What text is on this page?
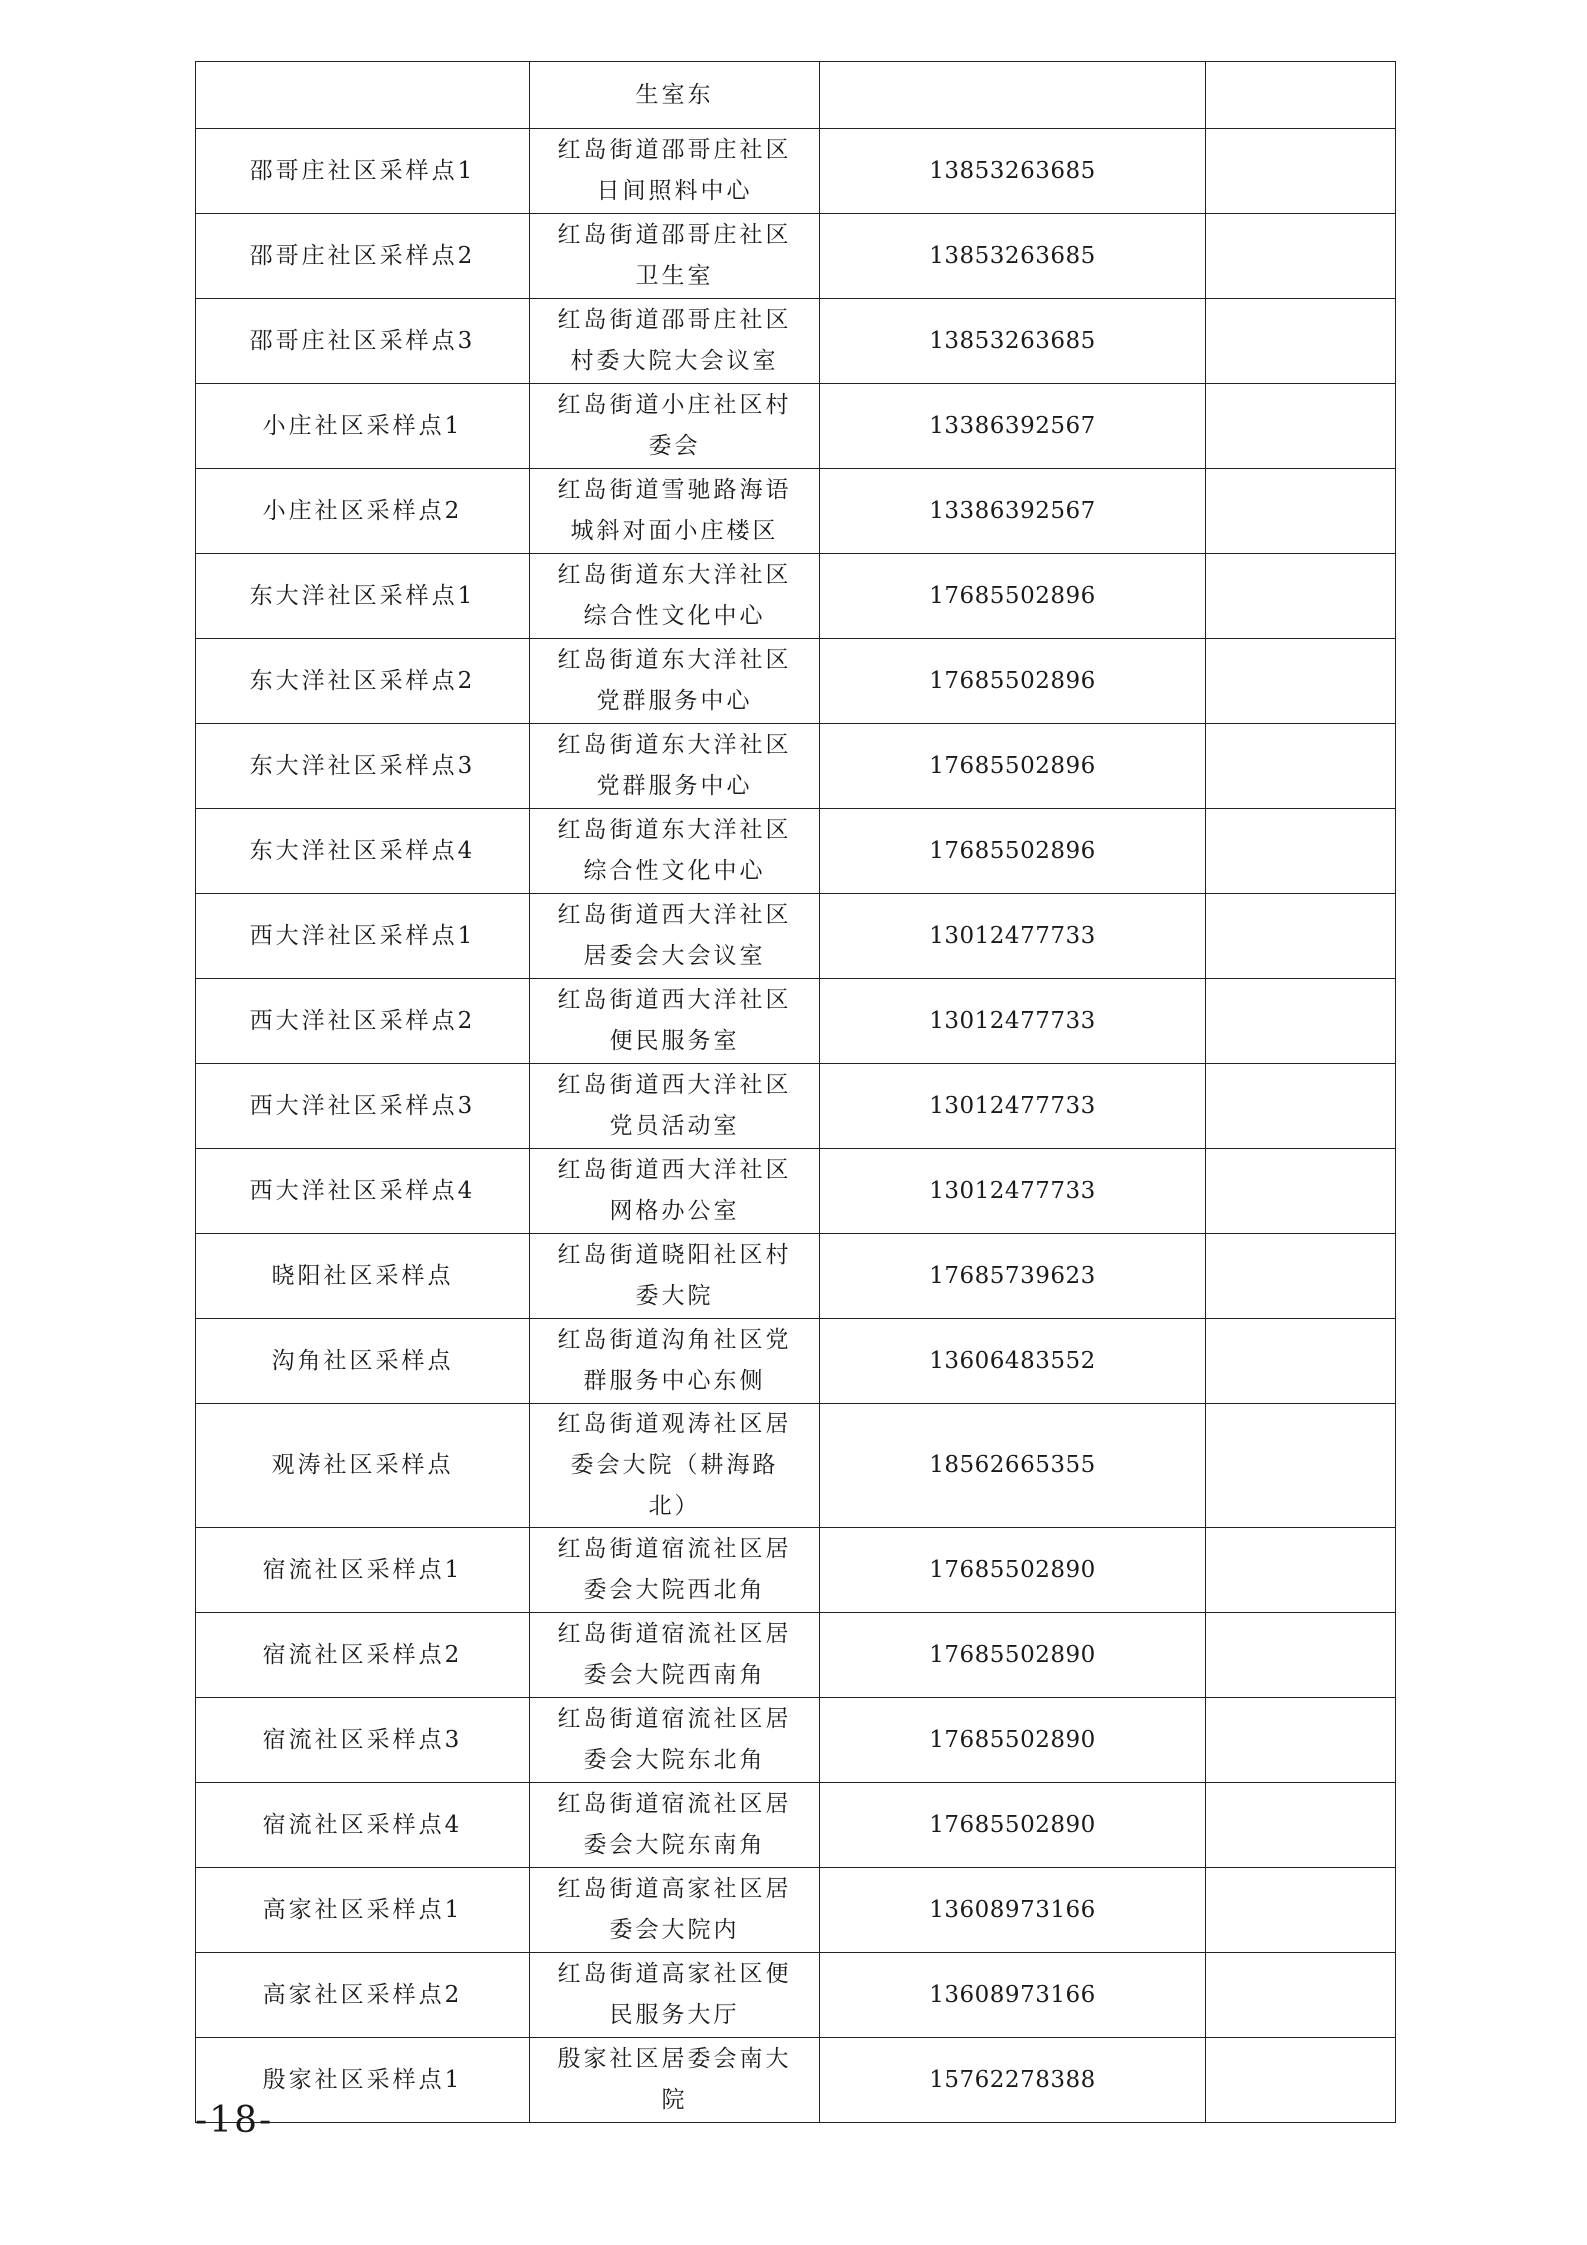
	生室东		

邵哥庄社区采样点1	红岛街道邵哥庄社区日间照料中心	13853263685	
邵哥庄社区采样点2	红岛街道邵哥庄社区卫生室	13853263685	
邵哥庄社区采样点3	红岛街道邵哥庄社区村委大院大会议室	13853263685	
小庄社区采样点1	红岛街道小庄社区村委会	13386392567	
小庄社区采样点2	红岛街道雪驰路海语城斜对面小庄楼区	13386392567	
东大洋社区采样点1	红岛街道东大洋社区综合性文化中心	17685502896	
东大洋社区采样点2	红岛街道东大洋社区党群服务中心	17685502896	
东大洋社区采样点3	红岛街道东大洋社区党群服务中心	17685502896	
东大洋社区采样点4	红岛街道东大洋社区综合性文化中心	17685502896	
西大洋社区采样点1	红岛街道西大洋社区居委会大会议室	13012477733	
西大洋社区采样点2	红岛街道西大洋社区便民服务室	13012477733	
西大洋社区采样点3	红岛街道西大洋社区党员活动室	13012477733	
西大洋社区采样点4	红岛街道西大洋社区网格办公室	13012477733	
晓阳社区采样点	红岛街道晓阳社区村委大院	17685739623	
沟角社区采样点	红岛街道沟角社区党群服务中心东侧	13606483552	
观涛社区采样点	红岛街道观涛社区居委会大院（耕海路北）	18562665355	
宿流社区采样点1	红岛街道宿流社区居委会大院西北角	17685502890	
宿流社区采样点2	红岛街道宿流社区居委会大院西南角	17685502890	
宿流社区采样点3	红岛街道宿流社区居委会大院东北角	17685502890	
宿流社区采样点4	红岛街道宿流社区居委会大院东南角	17685502890	
高家社区采样点1	红岛街道高家社区居委会大院内	13608973166	
高家社区采样点2	红岛街道高家社区便民服务大厅	13608973166	
殷家社区采样点1	殷家社区居委会南大院	15762278388	
-18-
